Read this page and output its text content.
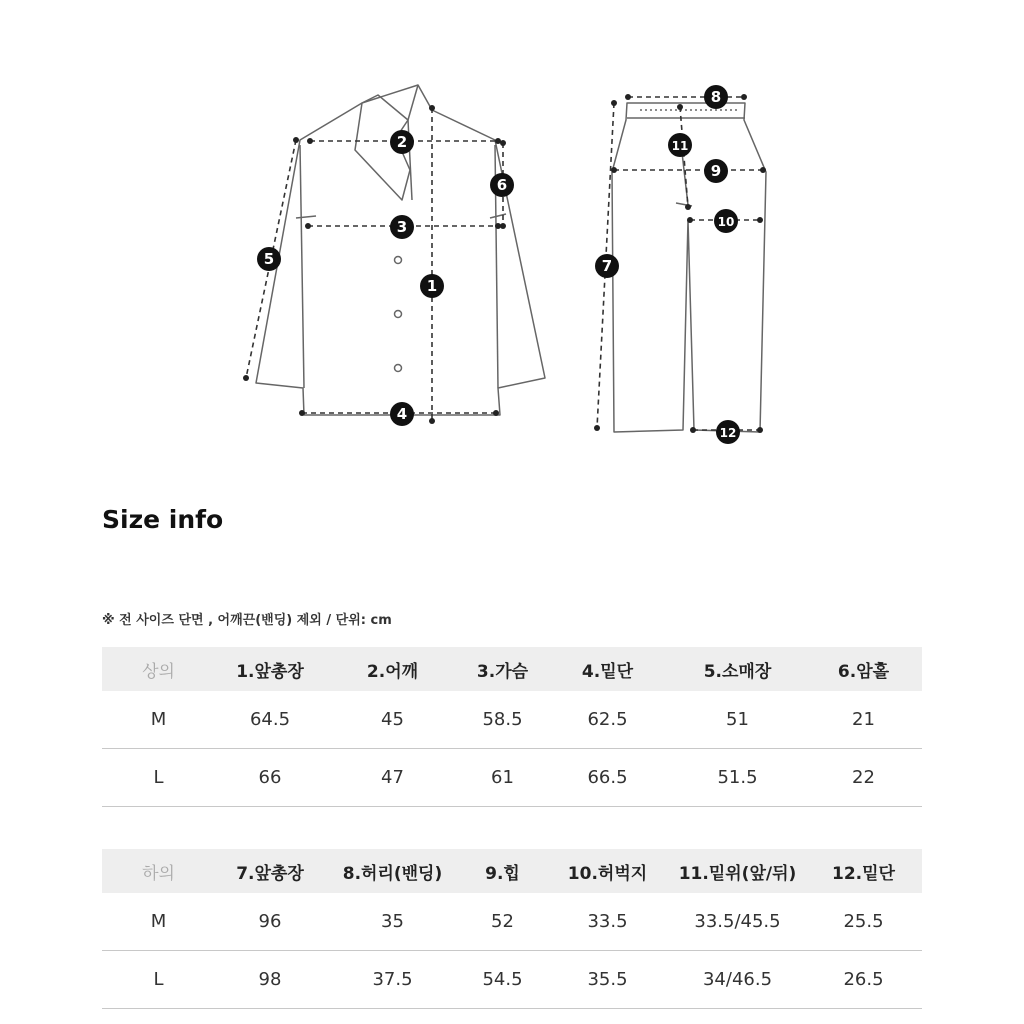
1
2
3
4
5
6
7
8
9
10
11
12
Size info
※ 전 사이즈 단면 , 어깨끈(밴딩) 제외 / 단위: cm
상의	1.앞총장	2.어깨	3.가슴	4.밑단	5.소매장	6.암홀
M	64.5	45	58.5	62.5	51	21
L	66	47	61	66.5	51.5	22
하의	7.앞총장	8.허리(밴딩)	9.힙	10.허벅지	11.밑위(앞/뒤)	12.밑단
M	96	35	52	33.5	33.5/45.5	25.5
L	98	37.5	54.5	35.5	34/46.5	26.5
